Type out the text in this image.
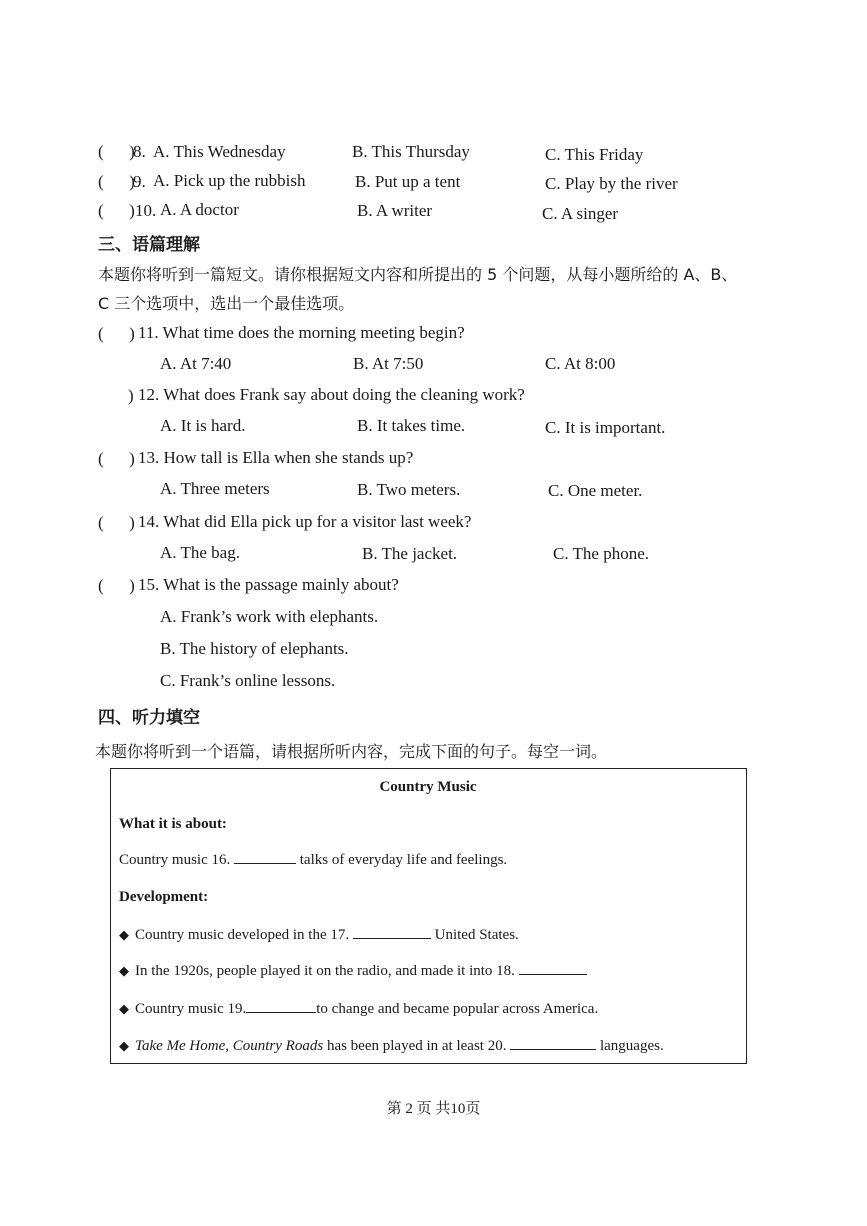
(      )
8. A. This Wednesday	B. This Thursday	C. This Friday
(      )
9. A. Pick up the rubbish	B. Put up a tent	C. Play by the river
(      ) 10. A. A doctor	B. A writer	C. A singer
三、语篇理解
本题你将听到一篇短文。请你根据短文内容和所提出的 5 个问题，从每小题所给的 A、B、
C 三个选项中，选出一个最佳选项。
(      ) 11. What time does the morning meeting begin?
A. At 7:40	B. At 7:50	C. At 8:00
) 12. What does Frank say about doing the cleaning work?
A. It is hard.	B. It takes time.	C. It is important.
(      ) 13. How tall is Ella when she stands up?
A. Three meters	B. Two meters.	C. One meter.
(      ) 14. What did Ella pick up for a visitor last week?
A. The bag.	B. The jacket.	C. The phone.
(      ) 15. What is the passage mainly about?
A. Frank’s work with elephants.
B. The history of elephants.
C. Frank’s online lessons.
四、听力填空
本题你将听到一个语篇，请根据所听内容，完成下面的句子。每空一词。
Country Music
What it is about:
Country music 16.	talks of everyday life and feelings.
Development:
◆ Country music developed in the 17.	United States.
◆ In the 1920s, people played it on the radio, and made it into 18.
◆ Country music 19.	to change and became popular across America.
◆ Take Me Home, Country Roads has been played in at least 20.	languages.
第 2 页 共10页
